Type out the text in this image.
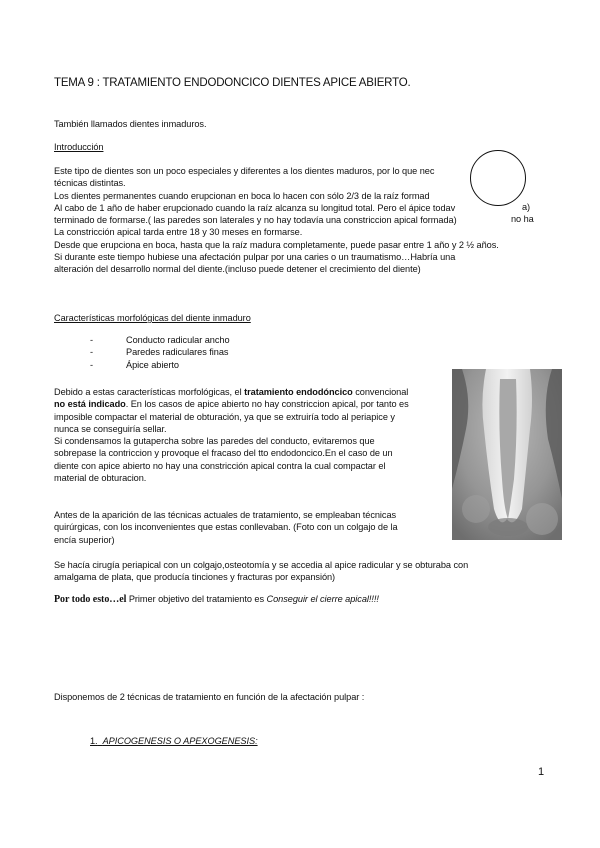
TEMA 9 : TRATAMIENTO ENDODONCICO DIENTES APICE ABIERTO.
También llamados dientes inmaduros.
Introducción
Este tipo de dientes son un poco especiales y diferentes a los dientes maduros, por lo que nec
técnicas distintas.
Los dientes permanentes cuando erupcionan en boca lo hacen con sólo 2/3 de la raíz formad
Al cabo de 1 año de haber erupcionado cuando la raíz alcanza su longitud total. Pero el ápice todav
terminado de formarse.( las paredes son laterales y no hay todavía una constriccion apical formada)
La constricción apical tarda entre 18 y 30 meses en formarse.
Desde que erupciona en boca, hasta que la raíz madura completamente, puede pasar entre 1 año y 2 ½ años.
Si durante este tiempo hubiese una afectación pulpar por una caries o un traumatismo…Habría una
alteración del desarrollo normal del diente.(incluso puede detener el crecimiento del diente)
a)
no ha
Características morfológicas del diente inmaduro
-	Conducto radicular ancho
-	Paredes radiculares finas
-	Ápice abierto
Debido a estas características morfológicas, el tratamiento endodóncico convencional
no está indicado. En los casos de apice abierto no hay constriccion apical, por tanto es
imposible compactar el material de obturación, ya que se extruiría todo al periapice y
nunca se conseguiría sellar.
Si condensamos la gutapercha sobre las paredes del conducto, evitaremos que
sobrepase la contriccion y provoque el fracaso del tto endodoncico.En el caso de un
diente con apice abierto no hay una constricción apical contra la cual compactar el
material de obturacion.
Antes de la aparición de las técnicas actuales de tratamiento, se empleaban técnicas
quirúrgicas, con los inconvenientes que estas conllevaban. (Foto con un colgajo de la
encía superior)
Se hacía cirugía periapical con un colgajo,osteotomía y se accedia al apice radicular y se obturaba con
amalgama de plata, que producía tinciones y fracturas por expansión)
Por todo esto…el Primer objetivo del tratamiento es Conseguir el cierre apical!!!!
Disponemos de 2 técnicas de tratamiento en función de la afectación pulpar :
1. APICOGENESIS O APEXOGENESIS:
1
